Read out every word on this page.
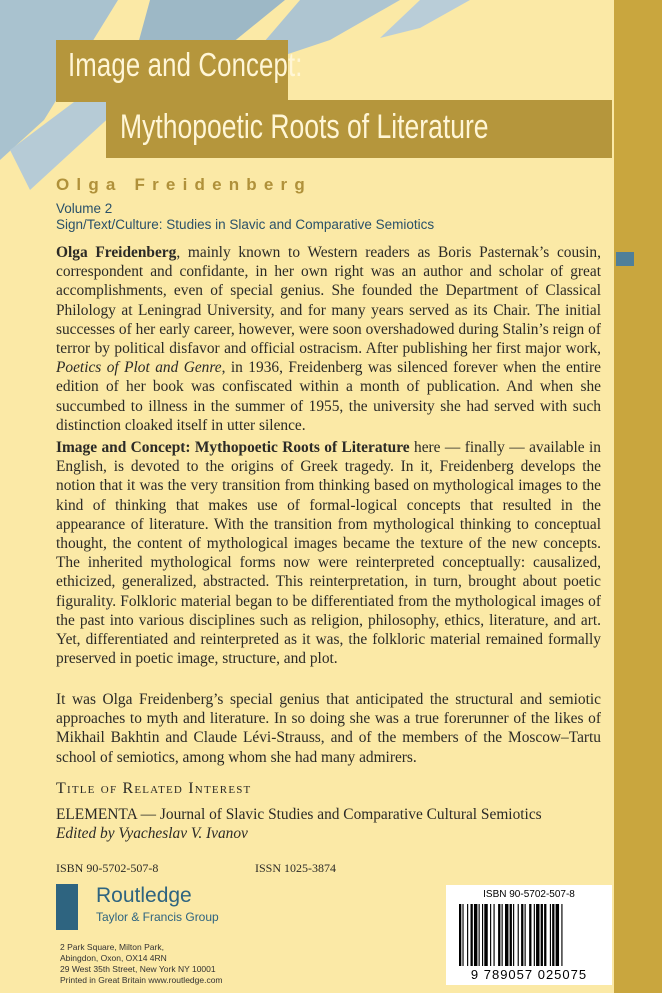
Image and Concept:
Mythopoetic Roots of Literature
Olga Freidenberg
Volume 2
Sign/Text/Culture: Studies in Slavic and Comparative Semiotics

Olga Freidenberg, mainly known to Western readers as Boris Pasternak’s cousin, correspondent and confidante, in her own right was an author and scholar of great accomplishments, even of special genius. She founded the Department of Classical Philology at Leningrad University, and for many years served as its Chair. The initial successes of her early career, however, were soon overshadowed during Stalin’s reign of terror by political disfavor and official ostracism. After publishing her first major work, Poetics of Plot and Genre, in 1936, Freidenberg was silenced forever when the entire edition of her book was confiscated within a month of publication. And when she succumbed to illness in the summer of 1955, the university she had served with such distinction cloaked itself in utter silence.

Image and Concept: Mythopoetic Roots of Literature here — finally — available in English, is devoted to the origins of Greek tragedy. In it, Freidenberg develops the notion that it was the very transition from thinking based on mythological images to the kind of thinking that makes use of formal-logical concepts that resulted in the appearance of literature. With the transition from mythological thinking to conceptual thought, the content of mythological images became the texture of the new concepts. The inherited mythological forms now were reinterpreted conceptually: causalized, ethicized, generalized, abstracted. This reinterpretation, in turn, brought about poetic figurality. Folkloric material began to be differentiated from the mythological images of the past into various disciplines such as religion, philosophy, ethics, literature, and art. Yet, differentiated and reinterpreted as it was, the folkloric material remained formally preserved in poetic image, structure, and plot.

It was Olga Freidenberg’s special genius that anticipated the structural and semiotic approaches to myth and literature. In so doing she was a true forerunner of the likes of Mikhail Bakhtin and Claude Lévi-Strauss, and of the members of the Moscow–Tartu school of semiotics, among whom she had many admirers.

Title of Related Interest
ELEMENTA — Journal of Slavic Studies and Comparative Cultural Semiotics
Edited by Vyacheslav V. Ivanov
ISBN 90-5702-507-8	ISSN 1025-3874
ROUTLEDGE
Routledge
Taylor & Francis Group
2 Park Square, Milton Park,
Abingdon, Oxon, OX14 4RN
29 West 35th Street, New York NY 10001
Printed in Great Britain www.routledge.com
ISBN 90-5702-507-8
9 789057 025075
